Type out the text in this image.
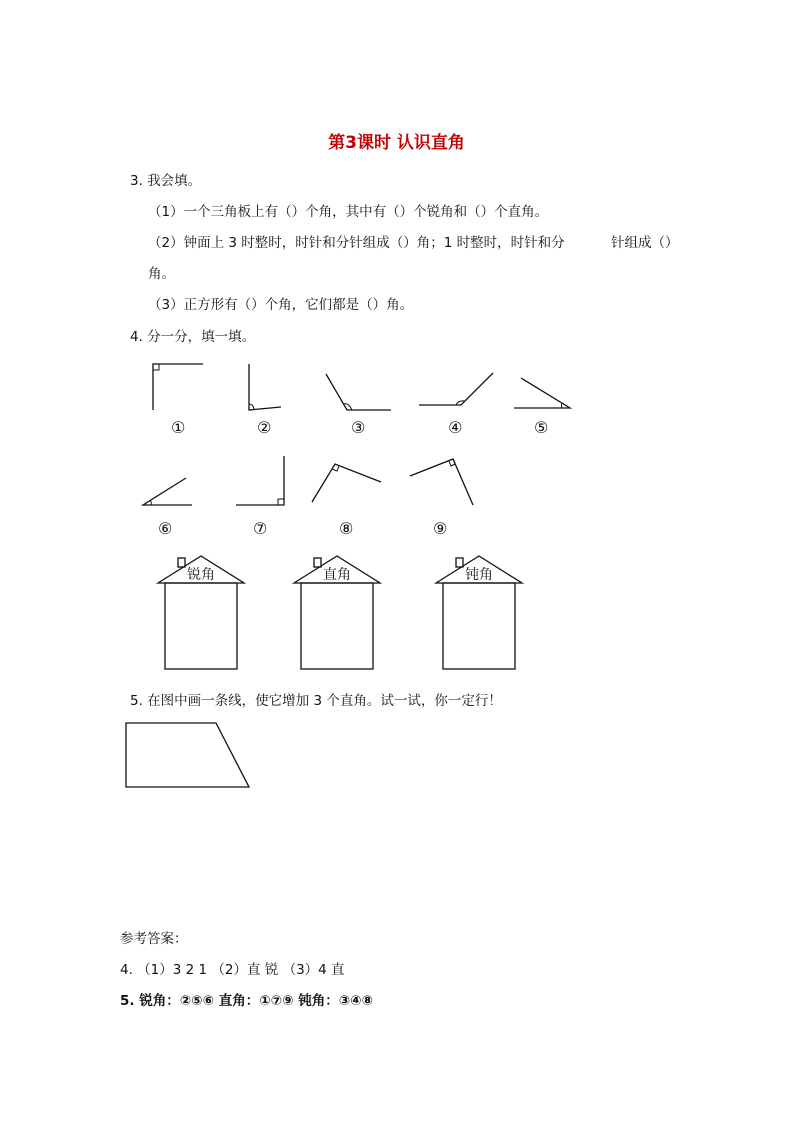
第3课时 认识直角
3. 我会填。
（1）一个三角板上有（）个角，其中有（）个锐角和（）个直角。
（2）钟面上 3 时整时，时针和分针组成（）角；1 时整时，时针和分	针组成（）
角。
（3）正方形有（）个角，它们都是（）角。
4. 分一分，填一填。
①	②	③	④	⑤
⑥	⑦	⑧	⑨
锐角	直角	钝角
5. 在图中画一条线，使它增加 3 个直角。试一试，你一定行！
参考答案：
4. （1）3 2 1 （2）直 锐 （3）4 直
5. 锐角：②⑤⑥ 直角：①⑦⑨ 钝角：③④⑧
